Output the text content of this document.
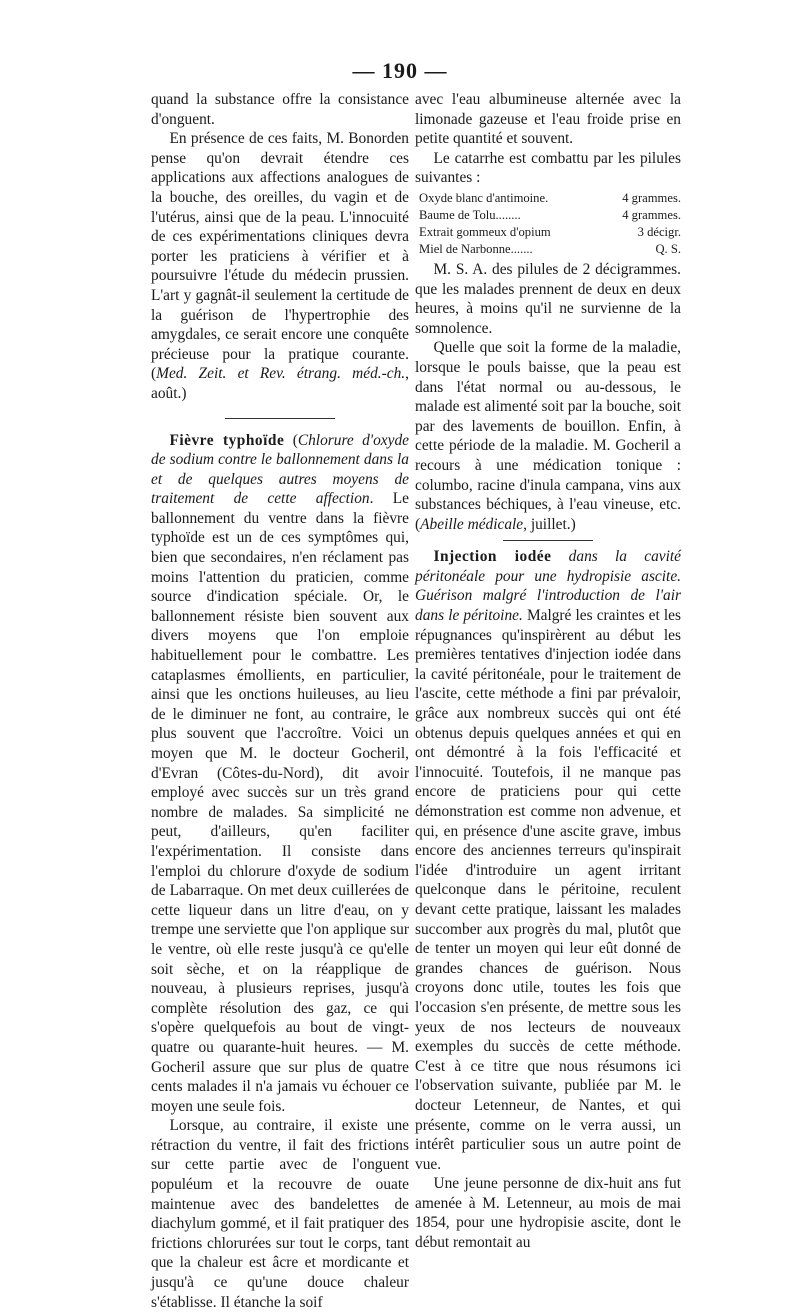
— 190 —

quand la substance offre la consistance d'onguent.

En présence de ces faits, M. Bonorden pense qu'on devrait étendre ces applications aux affections analogues de la bouche, des oreilles, du vagin et de l'utérus, ainsi que de la peau. L'innocuité de ces expérimentations cliniques devra porter les praticiens à vérifier et à poursuivre l'étude du médecin prussien. L'art y gagnât-il seulement la certitude de la guérison de l'hypertrophie des amygdales, ce serait encore une conquête précieuse pour la pratique courante. (Med. Zeit. et Rev. étrang. méd.-ch., août.)

Fièvre typhoïde (Chlorure d'oxyde de sodium contre le ballonnement dans la et de quelques autres moyens de traitement de cette affection. Le ballonnement du ventre dans la fièvre typhoïde est un de ces symptômes qui, bien que secondaires, n'en réclament pas moins l'attention du praticien, comme source d'indication spéciale. Or, le ballonnement résiste bien souvent aux divers moyens que l'on emploie habituellement pour le combattre. Les cataplasmes émollients, en particulier, ainsi que les onctions huileuses, au lieu de le diminuer ne font, au contraire, le plus souvent que l'accroître. Voici un moyen que M. le docteur Gocheril, d'Evran (Côtes-du-Nord), dit avoir employé avec succès sur un très grand nombre de malades. Sa simplicité ne peut, d'ailleurs, qu'en faciliter l'expérimentation. Il consiste dans l'emploi du chlorure d'oxyde de sodium de Labarraque. On met deux cuillerées de cette liqueur dans un litre d'eau, on y trempe une serviette que l'on applique sur le ventre, où elle reste jusqu'à ce qu'elle soit sèche, et on la réapplique de nouveau, à plusieurs reprises, jusqu'à complète résolution des gaz, ce qui s'opère quelquefois au bout de vingt-quatre ou quarante-huit heures. — M. Gocheril assure que sur plus de quatre cents malades il n'a jamais vu échouer ce moyen une seule fois.

Lorsque, au contraire, il existe une rétraction du ventre, il fait des frictions sur cette partie avec de l'onguent populéum et la recouvre de ouate maintenue avec des bandelettes de diachylum gommé, et il fait pratiquer des frictions chlorurées sur tout le corps, tant que la chaleur est âcre et mordicante et jusqu'à ce qu'une douce chaleur s'établisse. Il étanche la soif

avec l'eau albumineuse alternée avec la limonade gazeuse et l'eau froide prise en petite quantité et souvent.

Le catarrhe est combattu par les pilules suivantes :

Oxyde blanc d'antimoine.	4 grammes.
Baume de Tolu........	4 grammes.
Extrait gommeux d'opium	3 décigr.
Miel de Narbonne.......	Q. S.

M. S. A. des pilules de 2 décigrammes. que les malades prennent de deux en deux heures, à moins qu'il ne survienne de la somnolence.

Quelle que soit la forme de la maladie, lorsque le pouls baisse, que la peau est dans l'état normal ou au-dessous, le malade est alimenté soit par la bouche, soit par des lavements de bouillon. Enfin, à cette période de la maladie. M. Gocheril a recours à une médication tonique : columbo, racine d'inula campana, vins aux substances béchiques, à l'eau vineuse, etc. (Abeille médicale, juillet.)

Injection iodée dans la cavité péritonéale pour une hydropisie ascite. Guérison malgré l'introduction de l'air dans le péritoine. Malgré les craintes et les répugnances qu'inspirèrent au début les premières tentatives d'injection iodée dans la cavité péritonéale, pour le traitement de l'ascite, cette méthode a fini par prévaloir, grâce aux nombreux succès qui ont été obtenus depuis quelques années et qui en ont démontré à la fois l'efficacité et l'innocuité. Toutefois, il ne manque pas encore de praticiens pour qui cette démonstration est comme non advenue, et qui, en présence d'une ascite grave, imbus encore des anciennes terreurs qu'inspirait l'idée d'introduire un agent irritant quelconque dans le péritoine, reculent devant cette pratique, laissant les malades succomber aux progrès du mal, plutôt que de tenter un moyen qui leur eût donné de grandes chances de guérison. Nous croyons donc utile, toutes les fois que l'occasion s'en présente, de mettre sous les yeux de nos lecteurs de nouveaux exemples du succès de cette méthode. C'est à ce titre que nous résumons ici l'observation suivante, publiée par M. le docteur Letenneur, de Nantes, et qui présente, comme on le verra aussi, un intérêt particulier sous un autre point de vue.

Une jeune personne de dix-huit ans fut amenée à M. Letenneur, au mois de mai 1854, pour une hydropisie ascite, dont le début remontait au
